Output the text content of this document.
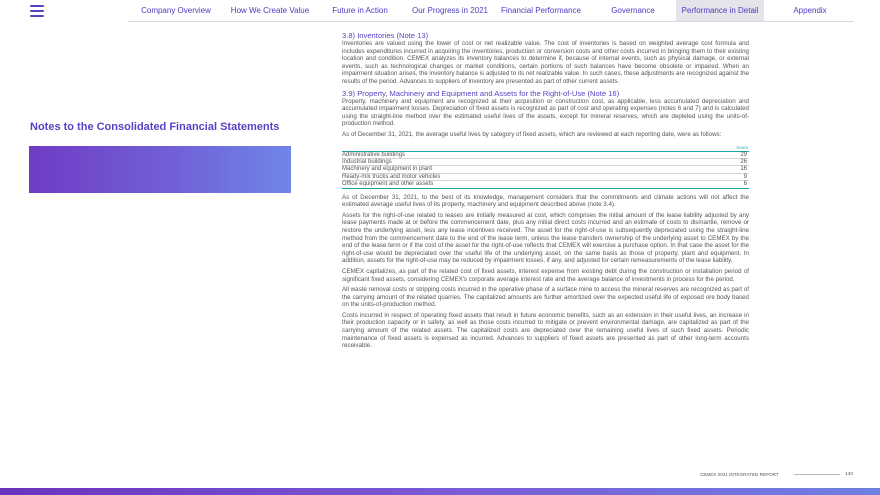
Company Overview	How We Create Value	Future in Action	Our Progress in 2021	Financial Performance	Governance	Performance in Detail	Appendix
Notes to the Consolidated Financial Statements
3.8) Inventories (Note 13)

Inventories are valued using the lower of cost or net realizable value. The cost of inventories is based on weighted average cost formula and includes expenditures incurred in acquiring the inventories, production or conversion costs and other costs incurred in bringing them to their existing location and condition. CEMEX analyzes its inventory balances to determine if, because of internal events, such as physical damage, or external events, such as technological changes or market conditions, certain portions of such balances have become obsolete or impaired. When an impairment situation arises, the inventory balance is adjusted to its net realizable value. In such cases, these adjustments are recognized against the results of the period. Advances to suppliers of inventory are presented as part of other current assets.

3.9) Property, Machinery and Equipment and Assets for the Right-of-Use (Note 16)

Property, machinery and equipment are recognized at their acquisition or construction cost, as applicable, less accumulated depreciation and accumulated impairment losses. Depreciation of fixed assets is recognized as part of cost and operating expenses (notes 6 and 7) and is calculated using the straight-line method over the estimated useful lives of the assets, except for mineral reserves, which are depleted using the units-of-production method.

As of December 31, 2021, the average useful lives by category of fixed assets, which are reviewed at each reporting date, were as follows:

	YEARS
Administrative buildings	29
Industrial buildings	26
Machinery and equipment in plant	16
Ready-mix trucks and motor vehicles	9
Office equipment and other assets	6

As of December 31, 2021, to the best of its knowledge, management considers that the commitments and climate actions will not affect the estimated average useful lives of its property, machinery and equipment described above (note 3.4).

Assets for the right-of-use related to leases are initially measured at cost, which comprises the initial amount of the lease liability adjusted by any lease payments made at or before the commencement date, plus any initial direct costs incurred and an estimate of costs to dismantle, remove or restore the underlying asset, less any lease incentives received. The asset for the right-of-use is subsequently depreciated using the straight-line method from the commencement date to the end of the lease term, unless the lease transfers ownership of the underlying asset to CEMEX by the end of the lease term or if the cost of the asset for the right-of-use reflects that CEMEX will exercise a purchase option. In that case the asset for the right-of-use would be depreciated over the useful life of the underlying asset, on the same basis as those of property, plant and equipment. In addition, assets for the right-of-use may be reduced by impairment losses, if any, and adjusted for certain remeasurements of the lease liability.

CEMEX capitalizes, as part of the related cost of fixed assets, interest expense from existing debt during the construction or installation period of significant fixed assets, considering CEMEX's corporate average interest rate and the average balance of investments in process for the period.

All waste removal costs or stripping costs incurred in the operative phase of a surface mine to access the mineral reserves are recognized as part of the carrying amount of the related quarries. The capitalized amounts are further amortized over the expected useful life of exposed ore body based on the units-of-production method.

Costs incurred in respect of operating fixed assets that result in future economic benefits, such as an extension in their useful lives, an increase in their production capacity or in safety, as well as those costs incurred to mitigate or prevent environmental damage, are capitalized as part of the carrying amount of the related assets. The capitalized costs are depreciated over the remaining useful lives of such fixed assets. Periodic maintenance of fixed assets is expensed as incurred. Advances to suppliers of fixed assets are presented as part of other long-term accounts receivable.

CEMEX 2021 INTEGRATED REPORT	140
